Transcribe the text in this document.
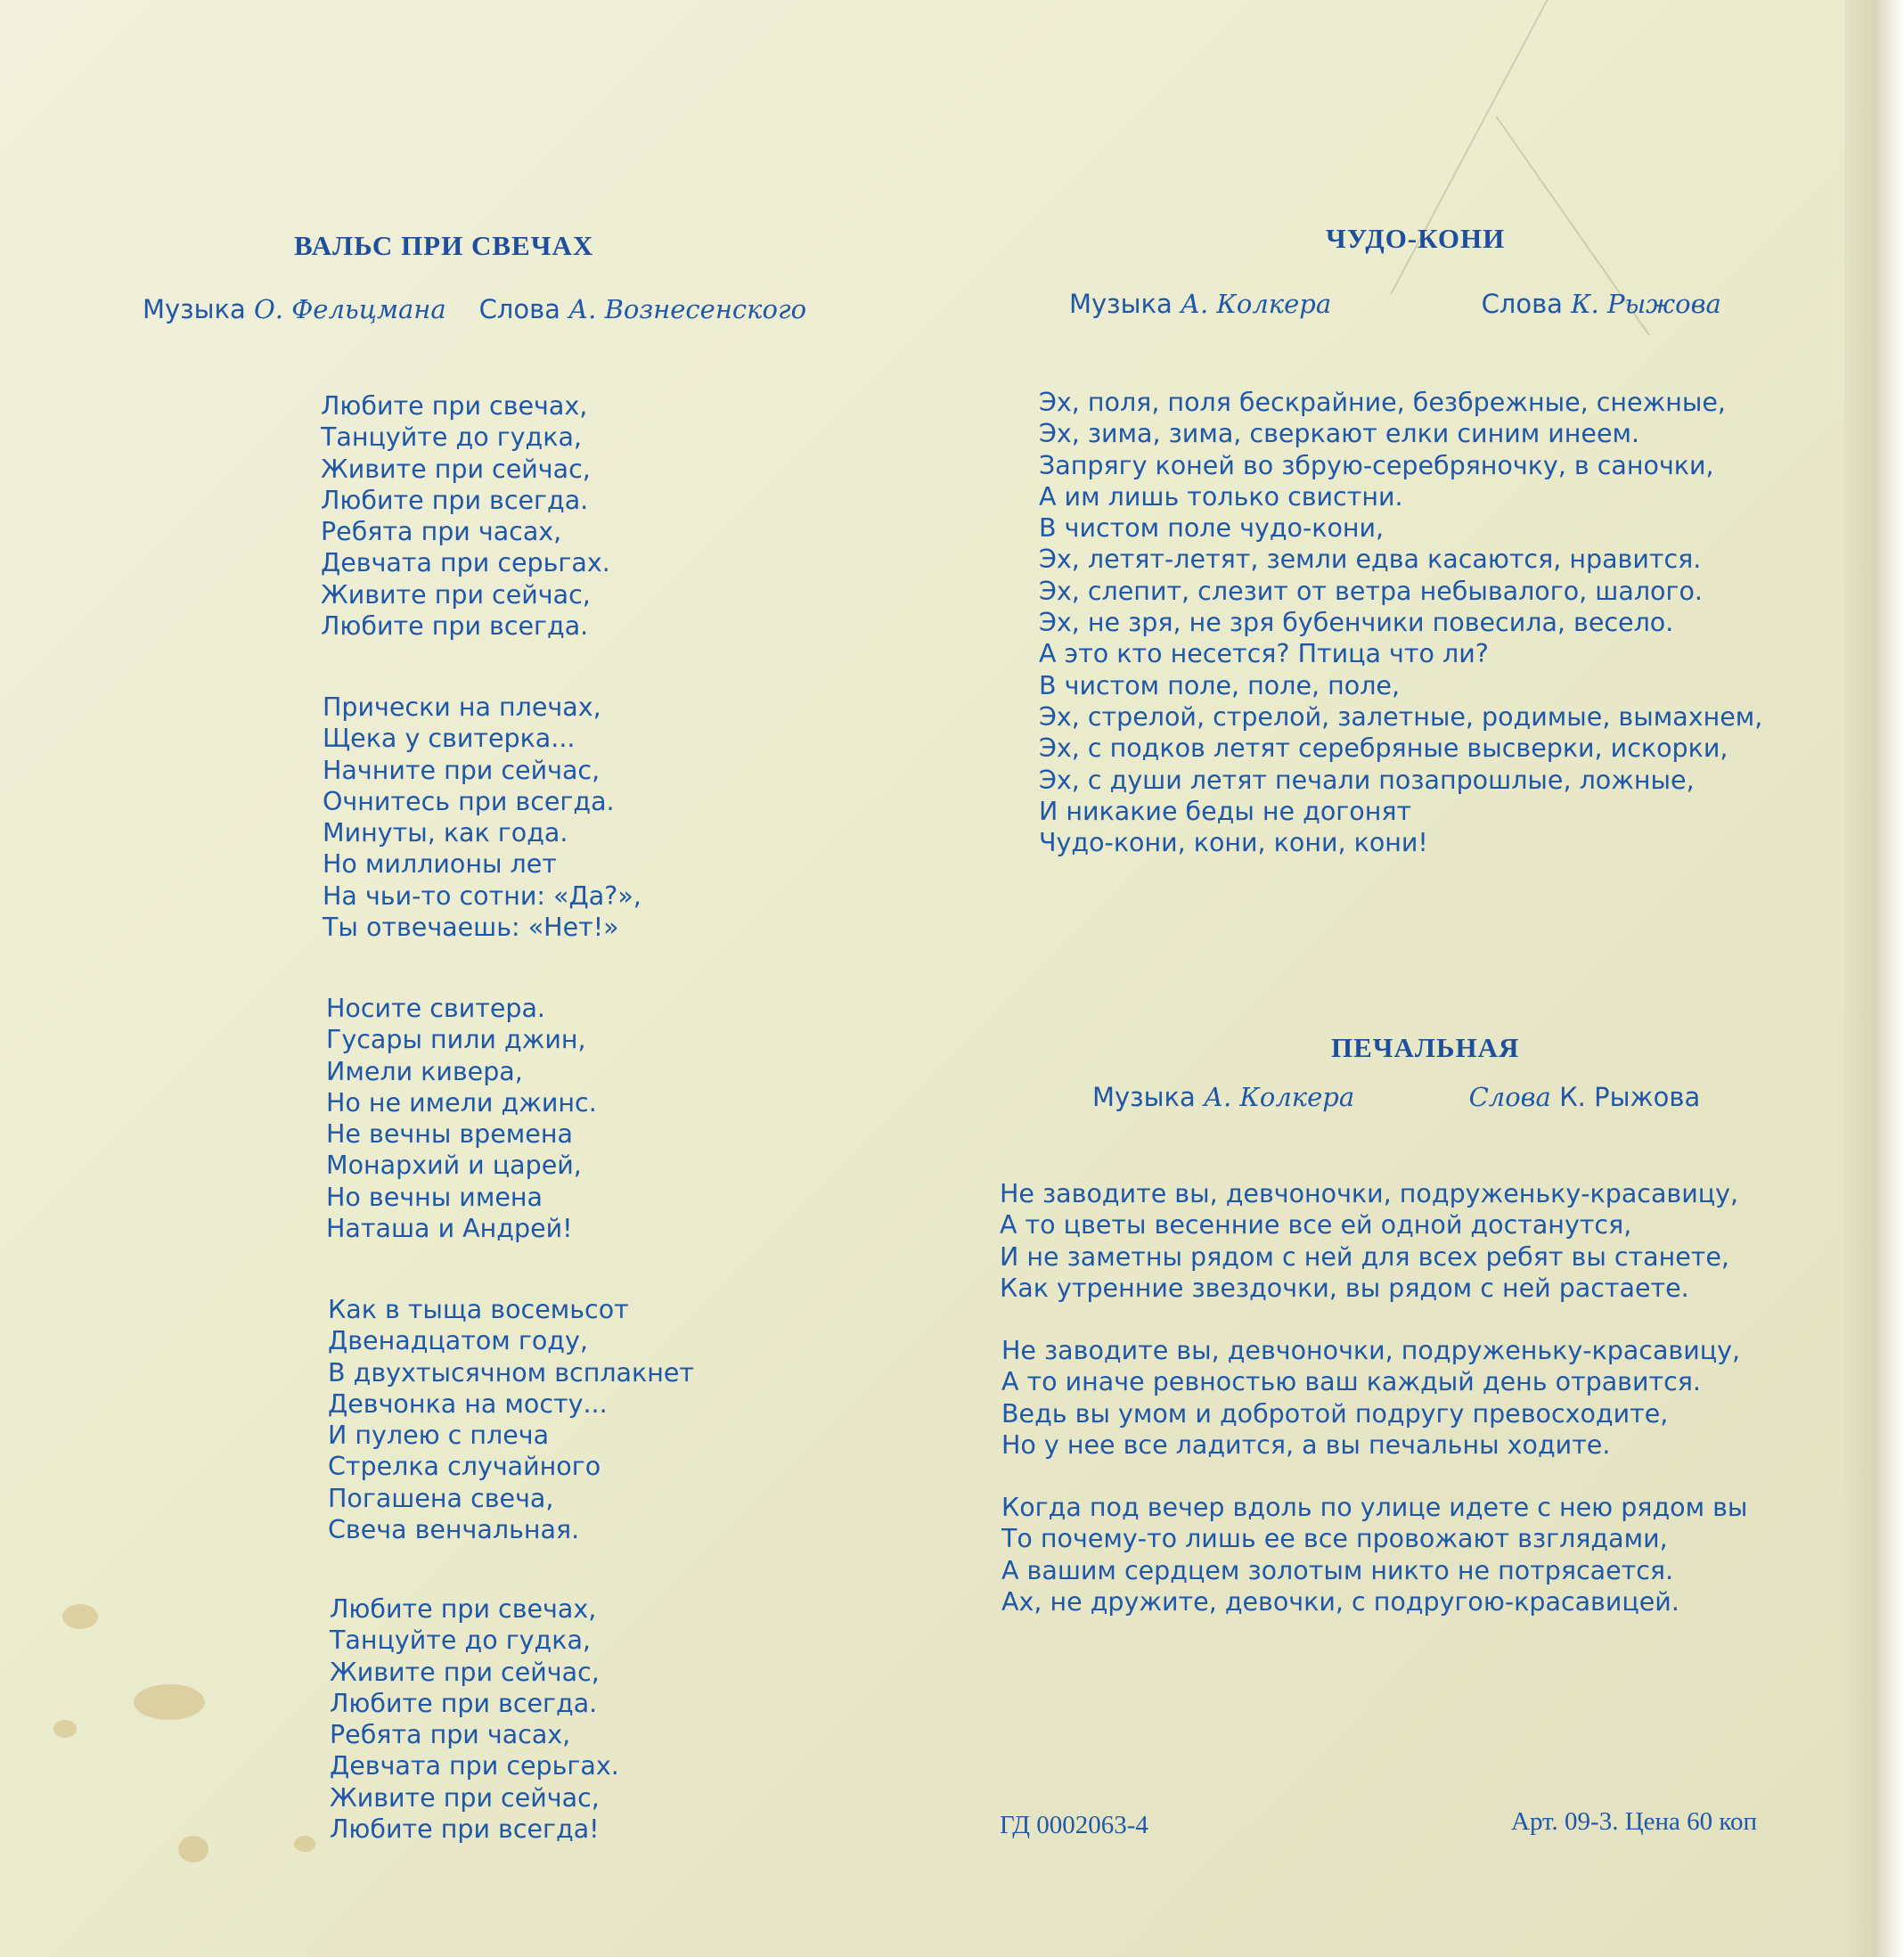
ВАЛЬС ПРИ СВЕЧАХ
Музыка О. Фельцмана Слова А. Вознесенского
Любите при свечах,
Танцуйте до гудка,
Живите при сейчас,
Любите при всегда.
Ребята при часах,
Девчата при серьгах.
Живите при сейчас,
Любите при всегда.
Прически на плечах,
Щека у свитерка...
Начните при сейчас,
Очнитесь при всегда.
Минуты, как года.
Но миллионы лет
На чьи-то сотни: «Да?»,
Ты отвечаешь: «Нет!»
Носите свитера.
Гусары пили джин,
Имели кивера,
Но не имели джинс.
Не вечны времена
Монархий и царей,
Но вечны имена
Наташа и Андрей!
Как в тыща восемьсот
Двенадцатом году,
В двухтысячном всплакнет
Девчонка на мосту...
И пулею с плеча
Стрелка случайного
Погашена свеча,
Свеча венчальная.
Любите при свечах,
Танцуйте до гудка,
Живите при сейчас,
Любите при всегда.
Ребята при часах,
Девчата при серьгах.
Живите при сейчас,
Любите при всегда!
ЧУДО-КОНИ
Музыка А. Колкера	Слова К. Рыжова
Эх, поля, поля бескрайние, безбрежные, снежные,
Эх, зима, зима, сверкают елки синим инеем.
Запрягу коней во збрую-серебряночку, в саночки,
А им лишь только свистни.
В чистом поле чудо-кони,
Эх, летят-летят, земли едва касаются, нравится.
Эх, слепит, слезит от ветра небывалого, шалого.
Эх, не зря, не зря бубенчики повесила, весело.
А это кто несется? Птица что ли?
В чистом поле, поле, поле,
Эх, стрелой, стрелой, залетные, родимые, вымахнем,
Эх, с подков летят серебряные высверки, искорки,
Эх, с души летят печали позапрошлые, ложные,
И никакие беды не догонят
Чудо-кони, кони, кони, кони!
ПЕЧАЛЬНАЯ
Музыка А. Колкера	Слова К. Рыжова
Не заводите вы, девчоночки, подруженьку-красавицу,
А то цветы весенние все ей одной достанутся,
И не заметны рядом с ней для всех ребят вы станете,
Как утренние звездочки, вы рядом с ней растаете.
Не заводите вы, девчоночки, подруженьку-красавицу,
А то иначе ревностью ваш каждый день отравится.
Ведь вы умом и добротой подругу превосходите,
Но у нее все ладится, а вы печальны ходите.
Когда под вечер вдоль по улице идете с нею рядом вы
То почему-то лишь ее все провожают взглядами,
А вашим сердцем золотым никто не потрясается.
Ах, не дружите, девочки, с подругою-красавицей.
ГД 0002063-4	Арт. 09-3. Цена 60 коп
